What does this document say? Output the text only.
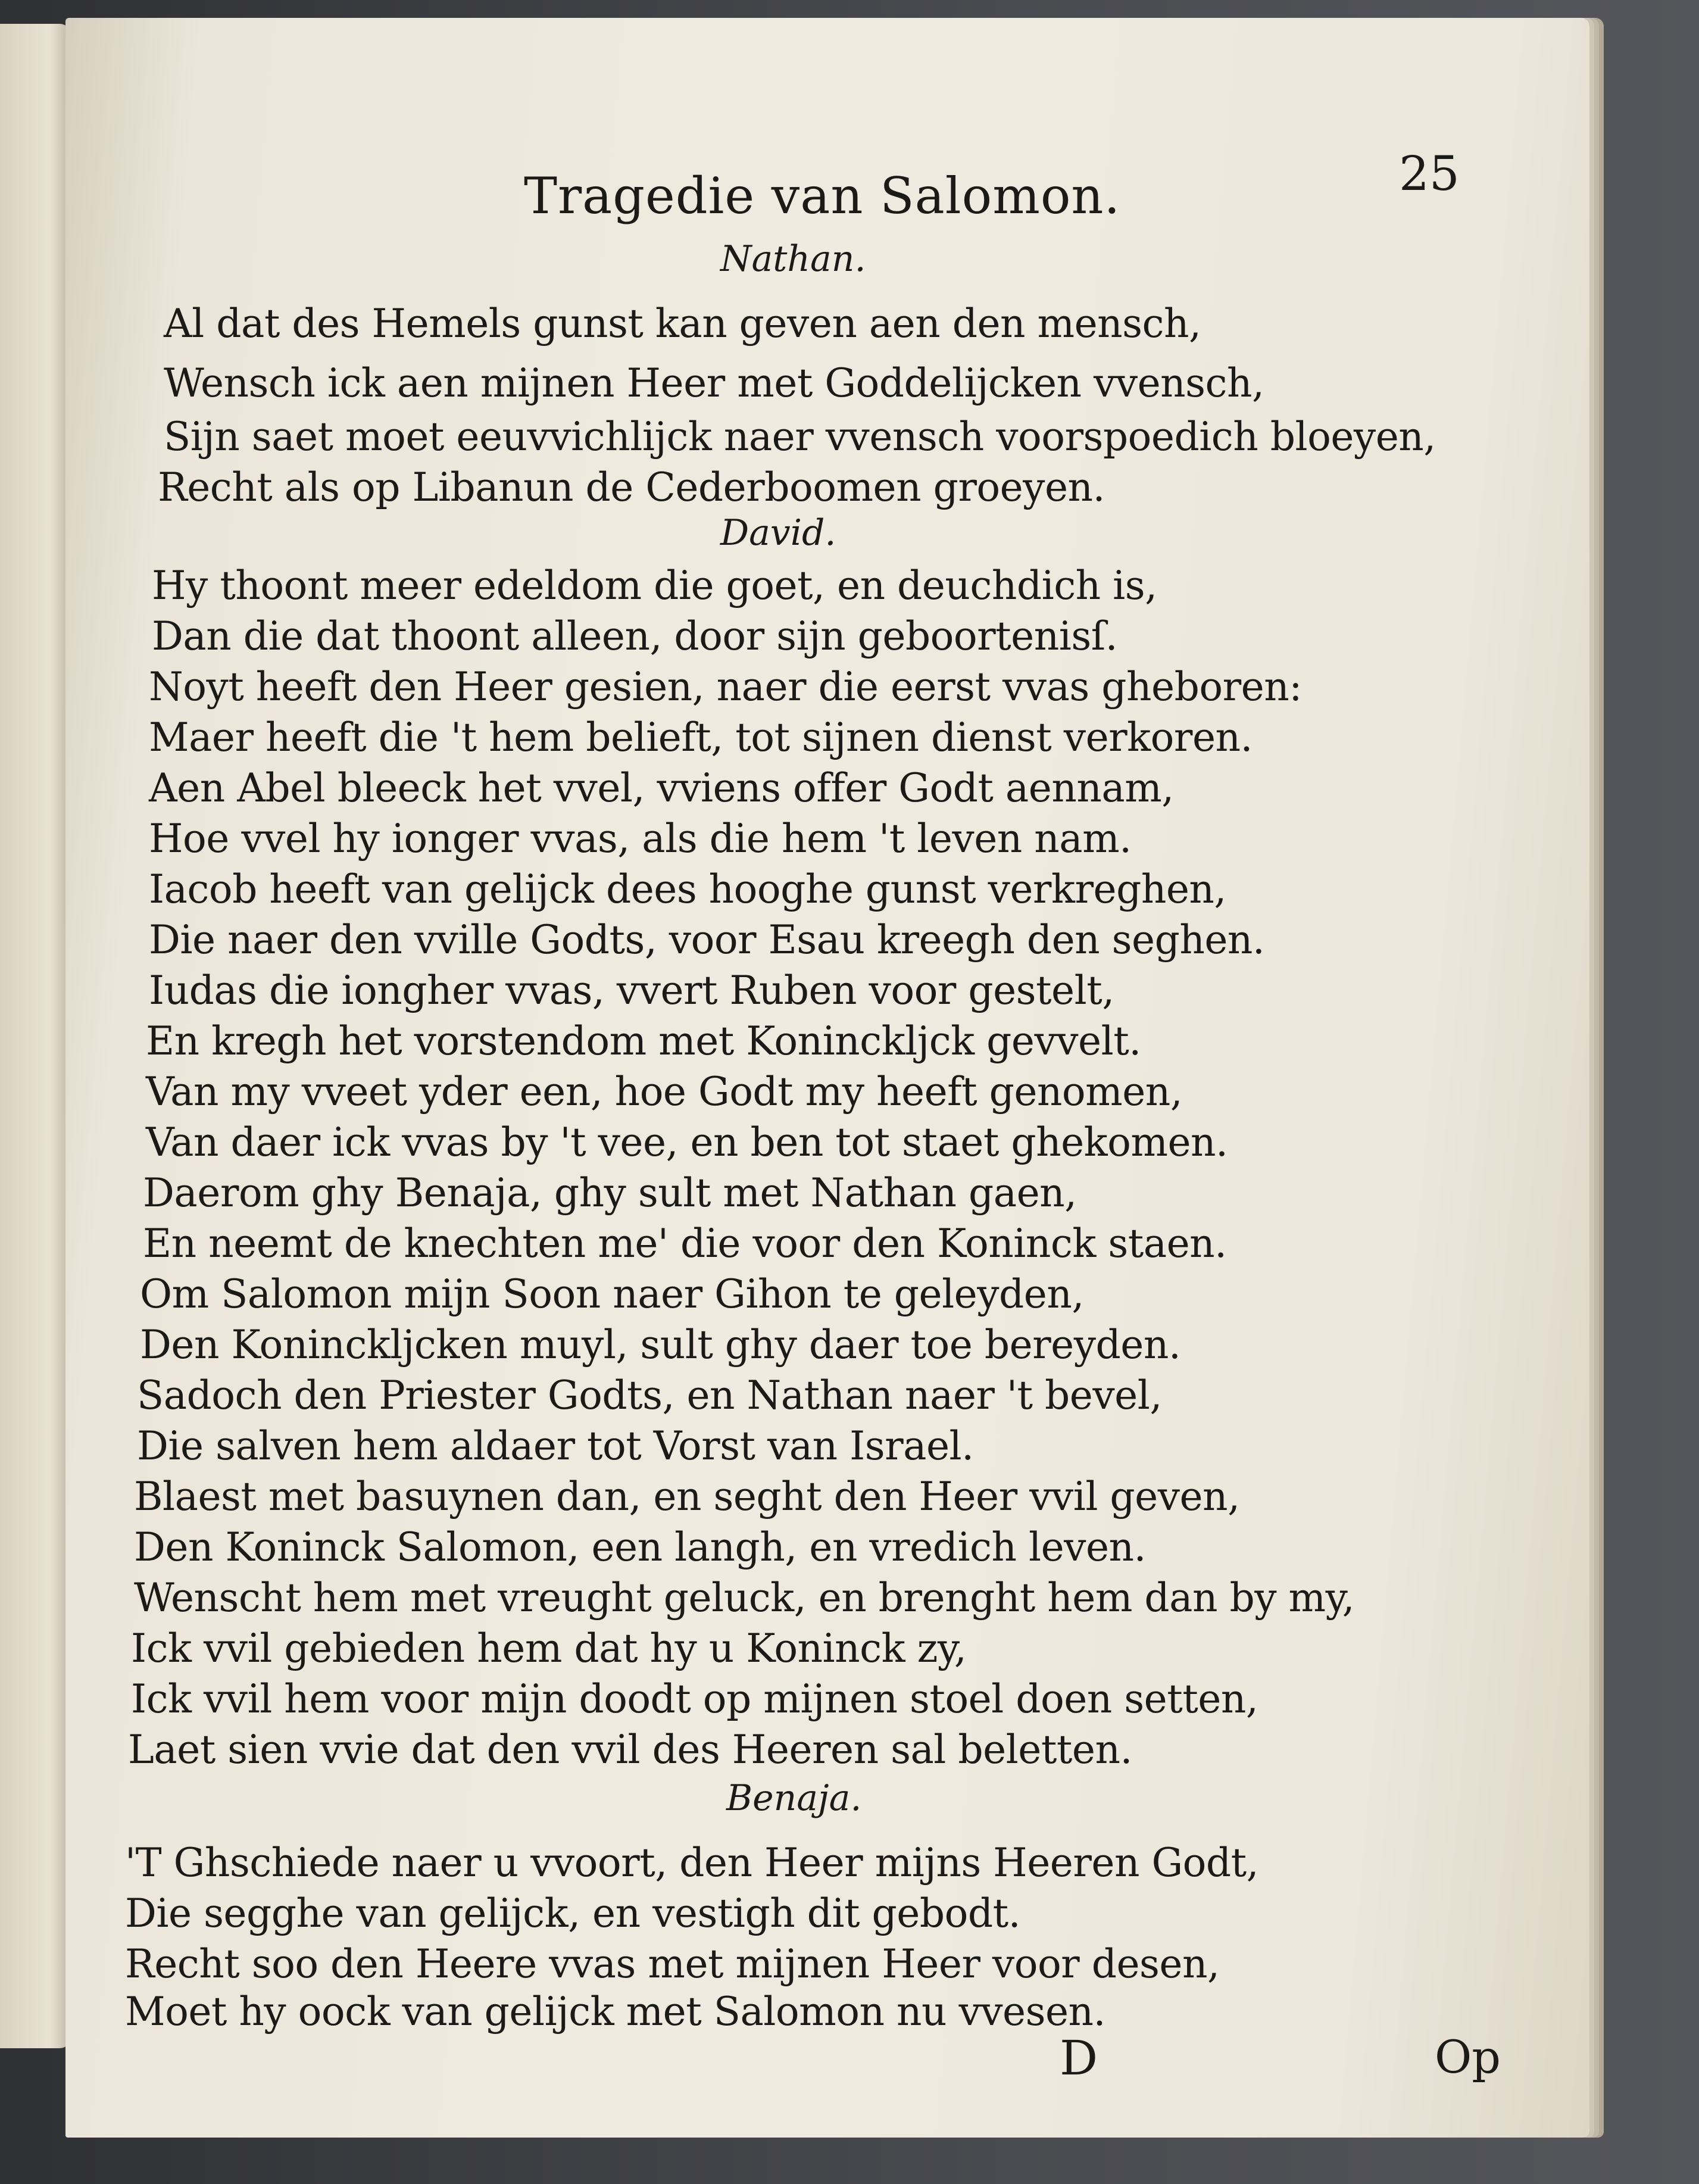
Tragedie van Salomon.	25
Nathan.
Al dat des Hemels gunst kan geven aen den mensch,
Wensch ick aen mijnen Heer met Goddelijcken vvensch,
Sijn saet moet eeuvvichlijck naer vvensch voorspoedich bloeyen,
Recht als op Libanun de Cederboomen groeyen.
David.
Hy thoont meer edeldom die goet, en deuchdich is,
Dan die dat thoont alleen, door sijn geboortenisſ.
Noyt heeft den Heer gesien, naer die eerst vvas gheboren:
Maer heeft die 't hem belieft, tot sijnen dienst verkoren.
Aen Abel bleeck het vvel, vviens offer Godt aennam,
Hoe vvel hy ionger vvas, als die hem 't leven nam.
Iacob heeft van gelijck dees hooghe gunst verkreghen,
Die naer den vville Godts, voor Esau kreegh den seghen.
Iudas die iongher vvas, vvert Ruben voor gestelt,
En kregh het vorstendom met Koninckljck gevvelt.
Van my vveet yder een, hoe Godt my heeft genomen,
Van daer ick vvas by 't vee, en ben tot staet ghekomen.
Daerom ghy Benaja, ghy sult met Nathan gaen,
En neemt de knechten me' die voor den Koninck staen.
Om Salomon mijn Soon naer Gihon te geleyden,
Den Koninckljcken muyl, sult ghy daer toe bereyden.
Sadoch den Priester Godts, en Nathan naer 't bevel,
Die salven hem aldaer tot Vorst van Israel.
Blaest met basuynen dan, en seght den Heer vvil geven,
Den Koninck Salomon, een langh, en vredich leven.
Wenscht hem met vreught geluck, en brenght hem dan by my,
Ick vvil gebieden hem dat hy u Koninck zy,
Ick vvil hem voor mijn doodt op mijnen stoel doen setten,
Laet sien vvie dat den vvil des Heeren sal beletten.
Benaja.
'T Ghschiede naer u vvoort, den Heer mijns Heeren Godt,
Die segghe van gelijck, en vestigh dit gebodt.
Recht soo den Heere vvas met mijnen Heer voor desen,
Moet hy oock van gelijck met Salomon nu vvesen.
D	Op
